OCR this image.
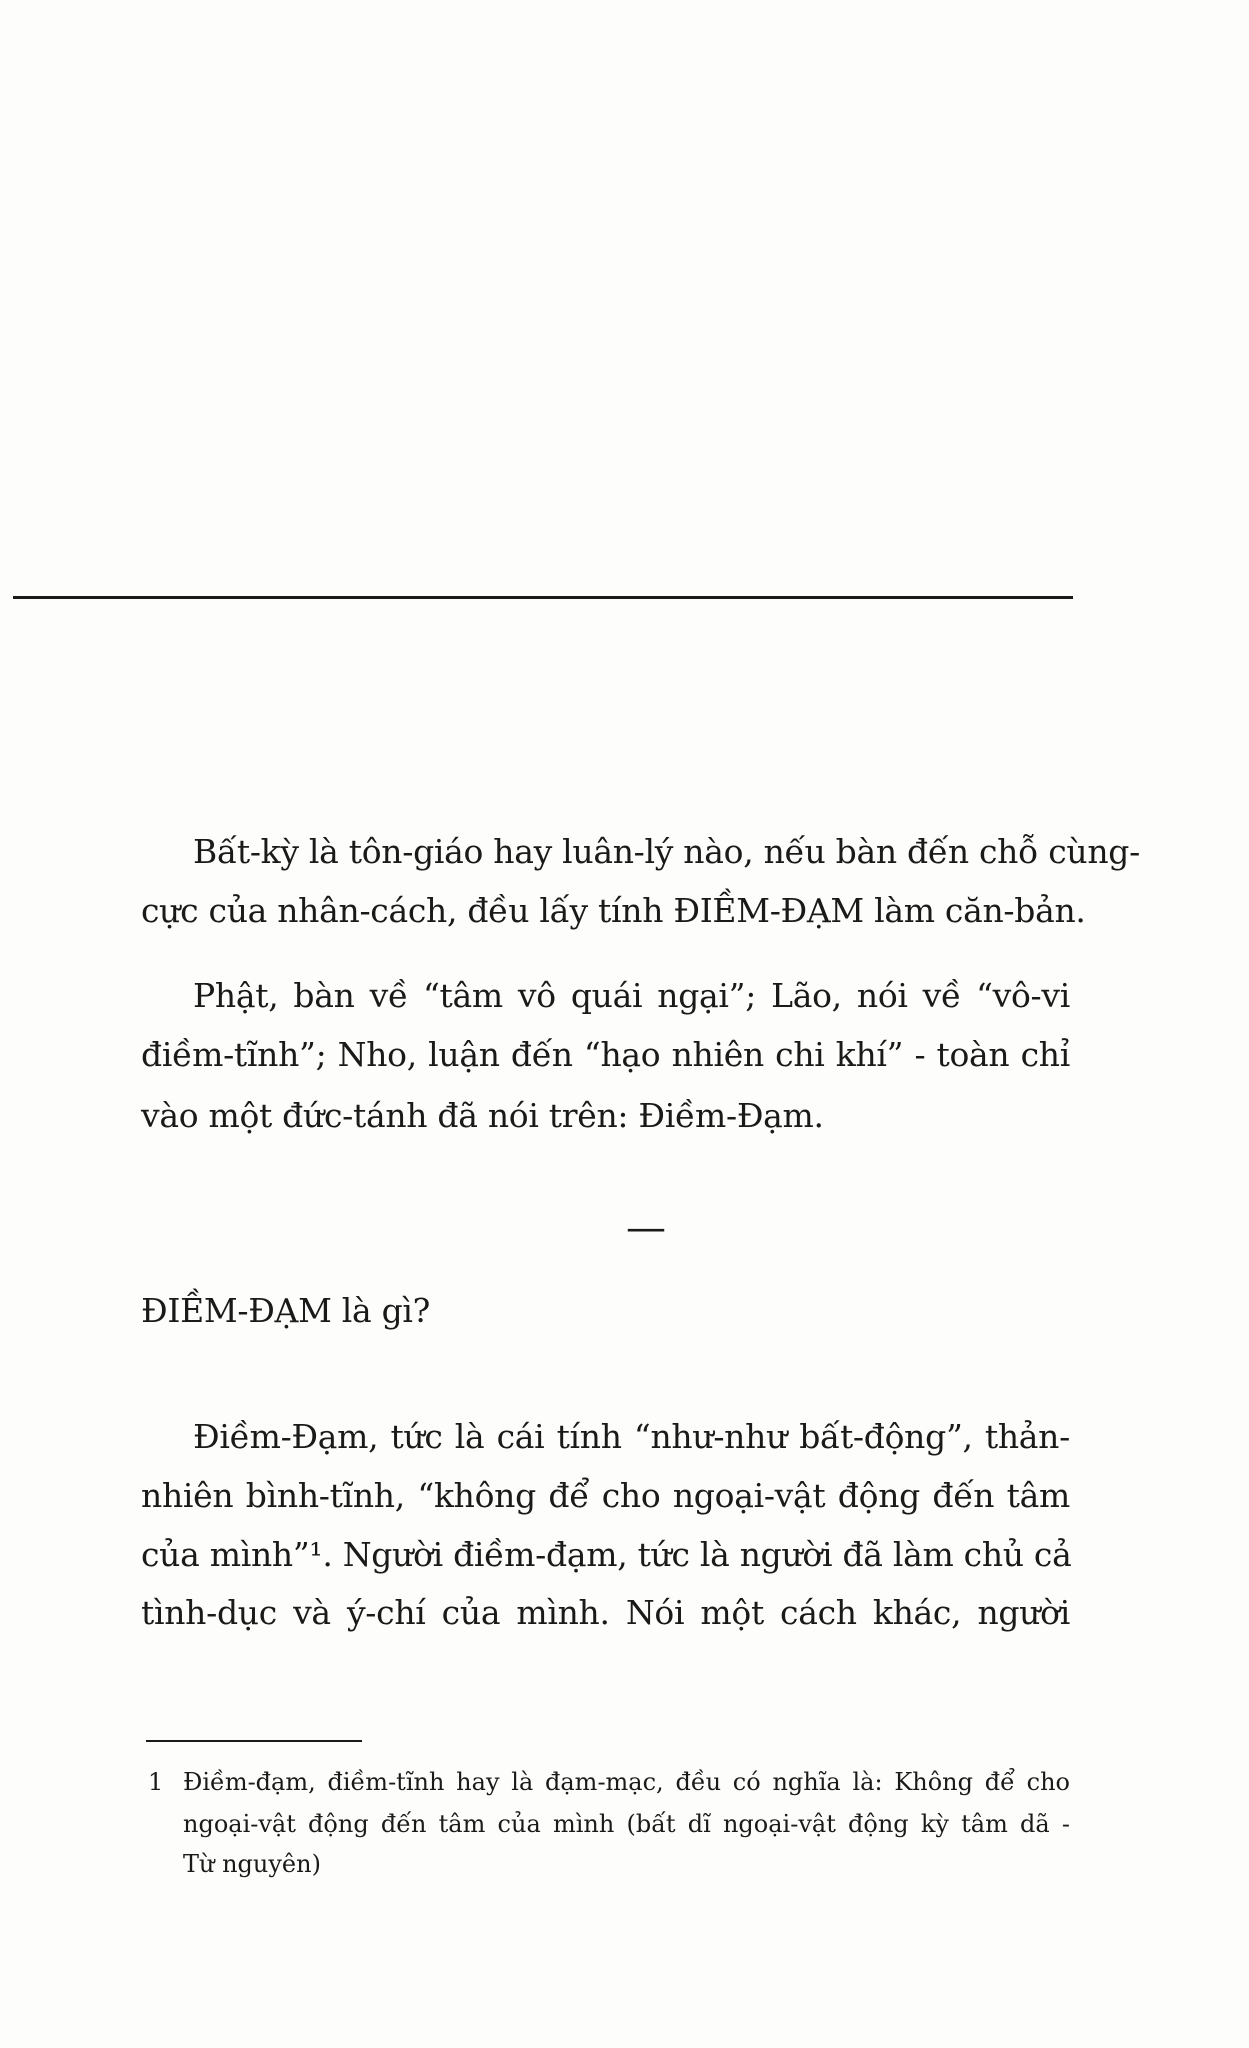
Bất-kỳ là tôn-giáo hay luân-lý nào, nếu bàn đến chỗ cùng-
cực của nhân-cách, đều lấy tính ĐIỀM-ĐẠM làm căn-bản.
Phật, bàn về “tâm vô quái ngại”; Lão, nói về “vô-vi
điềm-tĩnh”; Nho, luận đến “hạo nhiên chi khí” - toàn chỉ
vào một đức-tánh đã nói trên: Điềm-Đạm.
—
ĐIỀM-ĐẠM là gì?
Điềm-Đạm, tức là cái tính “như-như bất-động”, thản-
nhiên bình-tĩnh, “không để cho ngoại-vật động đến tâm
của mình”¹. Người điềm-đạm, tức là người đã làm chủ cả
tình-dục và ý-chí của mình. Nói một cách khác, người
1 Điềm-đạm, điềm-tĩnh hay là đạm-mạc, đều có nghĩa là: Không để cho
ngoại-vật động đến tâm của mình (bất dĩ ngoại-vật động kỳ tâm dã -
Từ nguyên)
